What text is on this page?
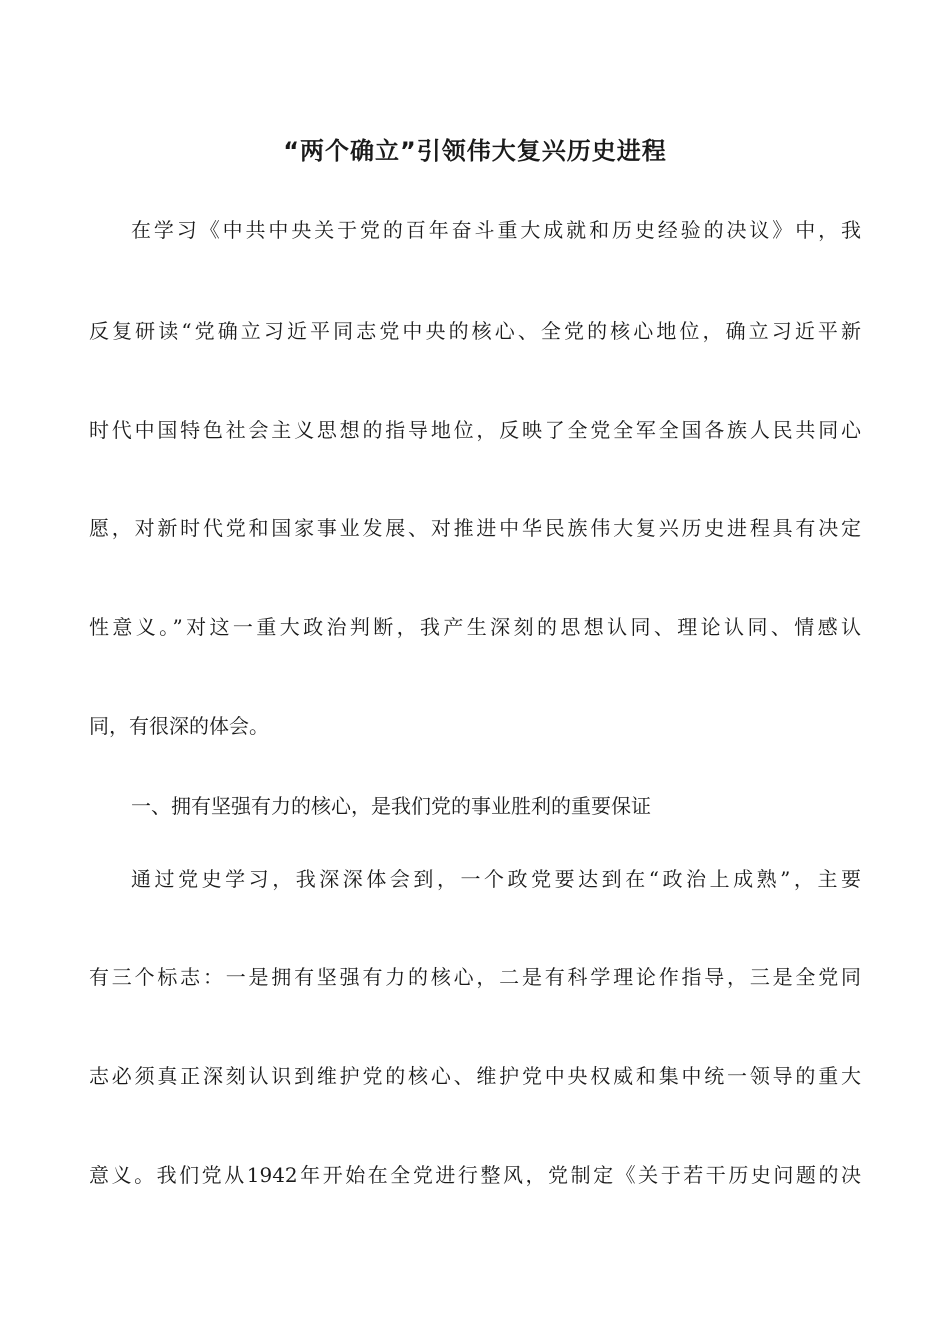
“两个确立”引领伟大复兴历史进程
在学习《中共中央关于党的百年奋斗重大成就和历史经验的决议》中，我
反复研读“党确立习近平同志党中央的核心、全党的核心地位，确立习近平新
时代中国特色社会主义思想的指导地位，反映了全党全军全国各族人民共同心
愿，对新时代党和国家事业发展、对推进中华民族伟大复兴历史进程具有决定
性意义。”对这一重大政治判断，我产生深刻的思想认同、理论认同、情感认
同，有很深的体会。
一、拥有坚强有力的核心，是我们党的事业胜利的重要保证
通过党史学习，我深深体会到，一个政党要达到在“政治上成熟”，主要
有三个标志：一是拥有坚强有力的核心，二是有科学理论作指导，三是全党同
志必须真正深刻认识到维护党的核心、维护党中央权威和集中统一领导的重大
意义。我们党从1942年开始在全党进行整风，党制定《关于若干历史问题的决
